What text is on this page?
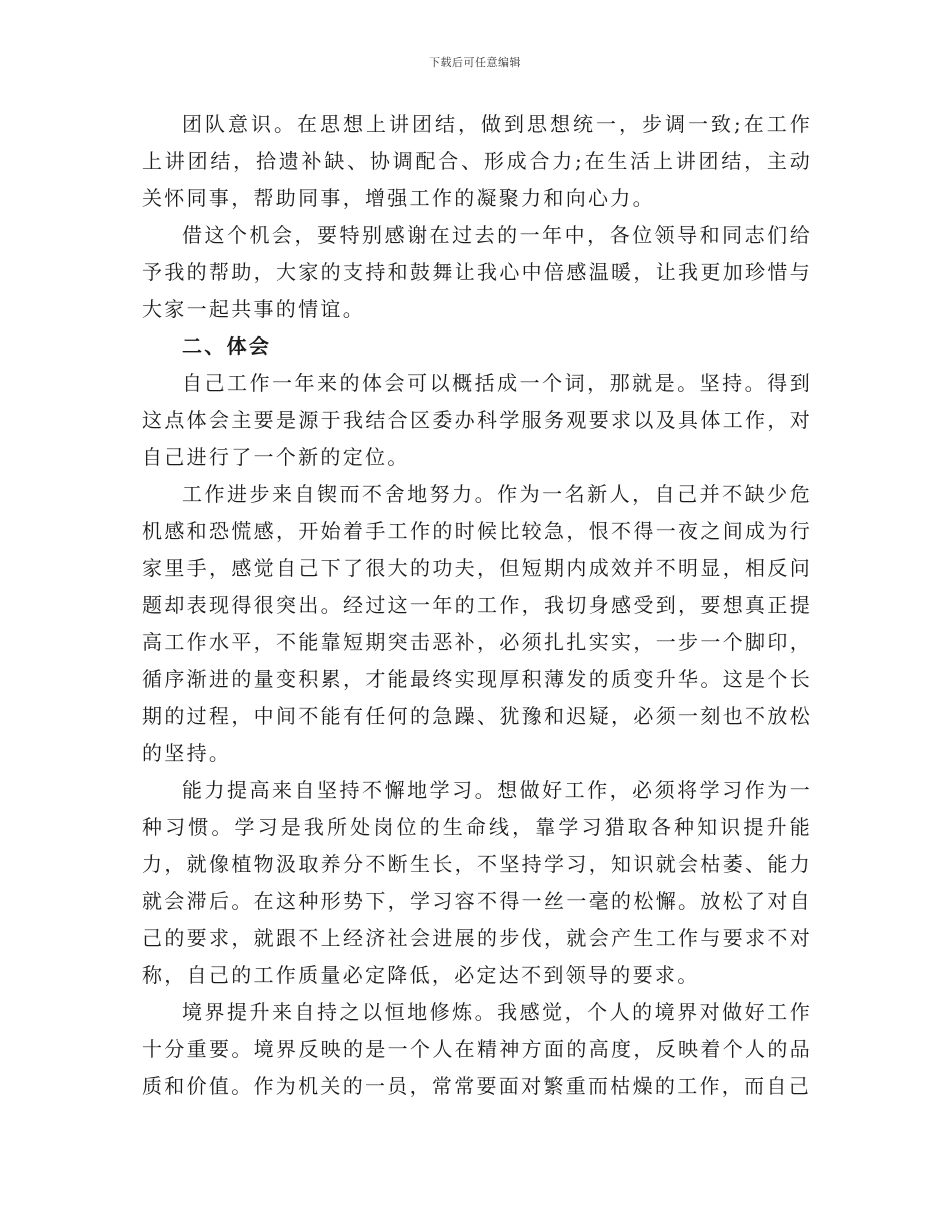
下载后可任意编辑

团队意识。在思想上讲团结，做到思想统一，步调一致;在工作上讲团结，拾遗补缺、协调配合、形成合力;在生活上讲团结，主动关怀同事，帮助同事，增强工作的凝聚力和向心力。

借这个机会，要特别感谢在过去的一年中，各位领导和同志们给予我的帮助，大家的支持和鼓舞让我心中倍感温暖，让我更加珍惜与大家一起共事的情谊。

二、体会

自己工作一年来的体会可以概括成一个词，那就是。坚持。得到这点体会主要是源于我结合区委办科学服务观要求以及具体工作，对自己进行了一个新的定位。

工作进步来自锲而不舍地努力。作为一名新人，自己并不缺少危机感和恐慌感，开始着手工作的时候比较急，恨不得一夜之间成为行家里手，感觉自己下了很大的功夫，但短期内成效并不明显，相反问题却表现得很突出。经过这一年的工作，我切身感受到，要想真正提高工作水平，不能靠短期突击恶补，必须扎扎实实，一步一个脚印，循序渐进的量变积累，才能最终实现厚积薄发的质变升华。这是个长期的过程，中间不能有任何的急躁、犹豫和迟疑，必须一刻也不放松的坚持。

能力提高来自坚持不懈地学习。想做好工作，必须将学习作为一种习惯。学习是我所处岗位的生命线，靠学习猎取各种知识提升能力，就像植物汲取养分不断生长，不坚持学习，知识就会枯萎、能力就会滞后。在这种形势下，学习容不得一丝一毫的松懈。放松了对自己的要求，就跟不上经济社会进展的步伐，就会产生工作与要求不对称，自己的工作质量必定降低，必定达不到领导的要求。

境界提升来自持之以恒地修炼。我感觉，个人的境界对做好工作十分重要。境界反映的是一个人在精神方面的高度，反映着个人的品质和价值。作为机关的一员，常常要面对繁重而枯燥的工作，而自己
